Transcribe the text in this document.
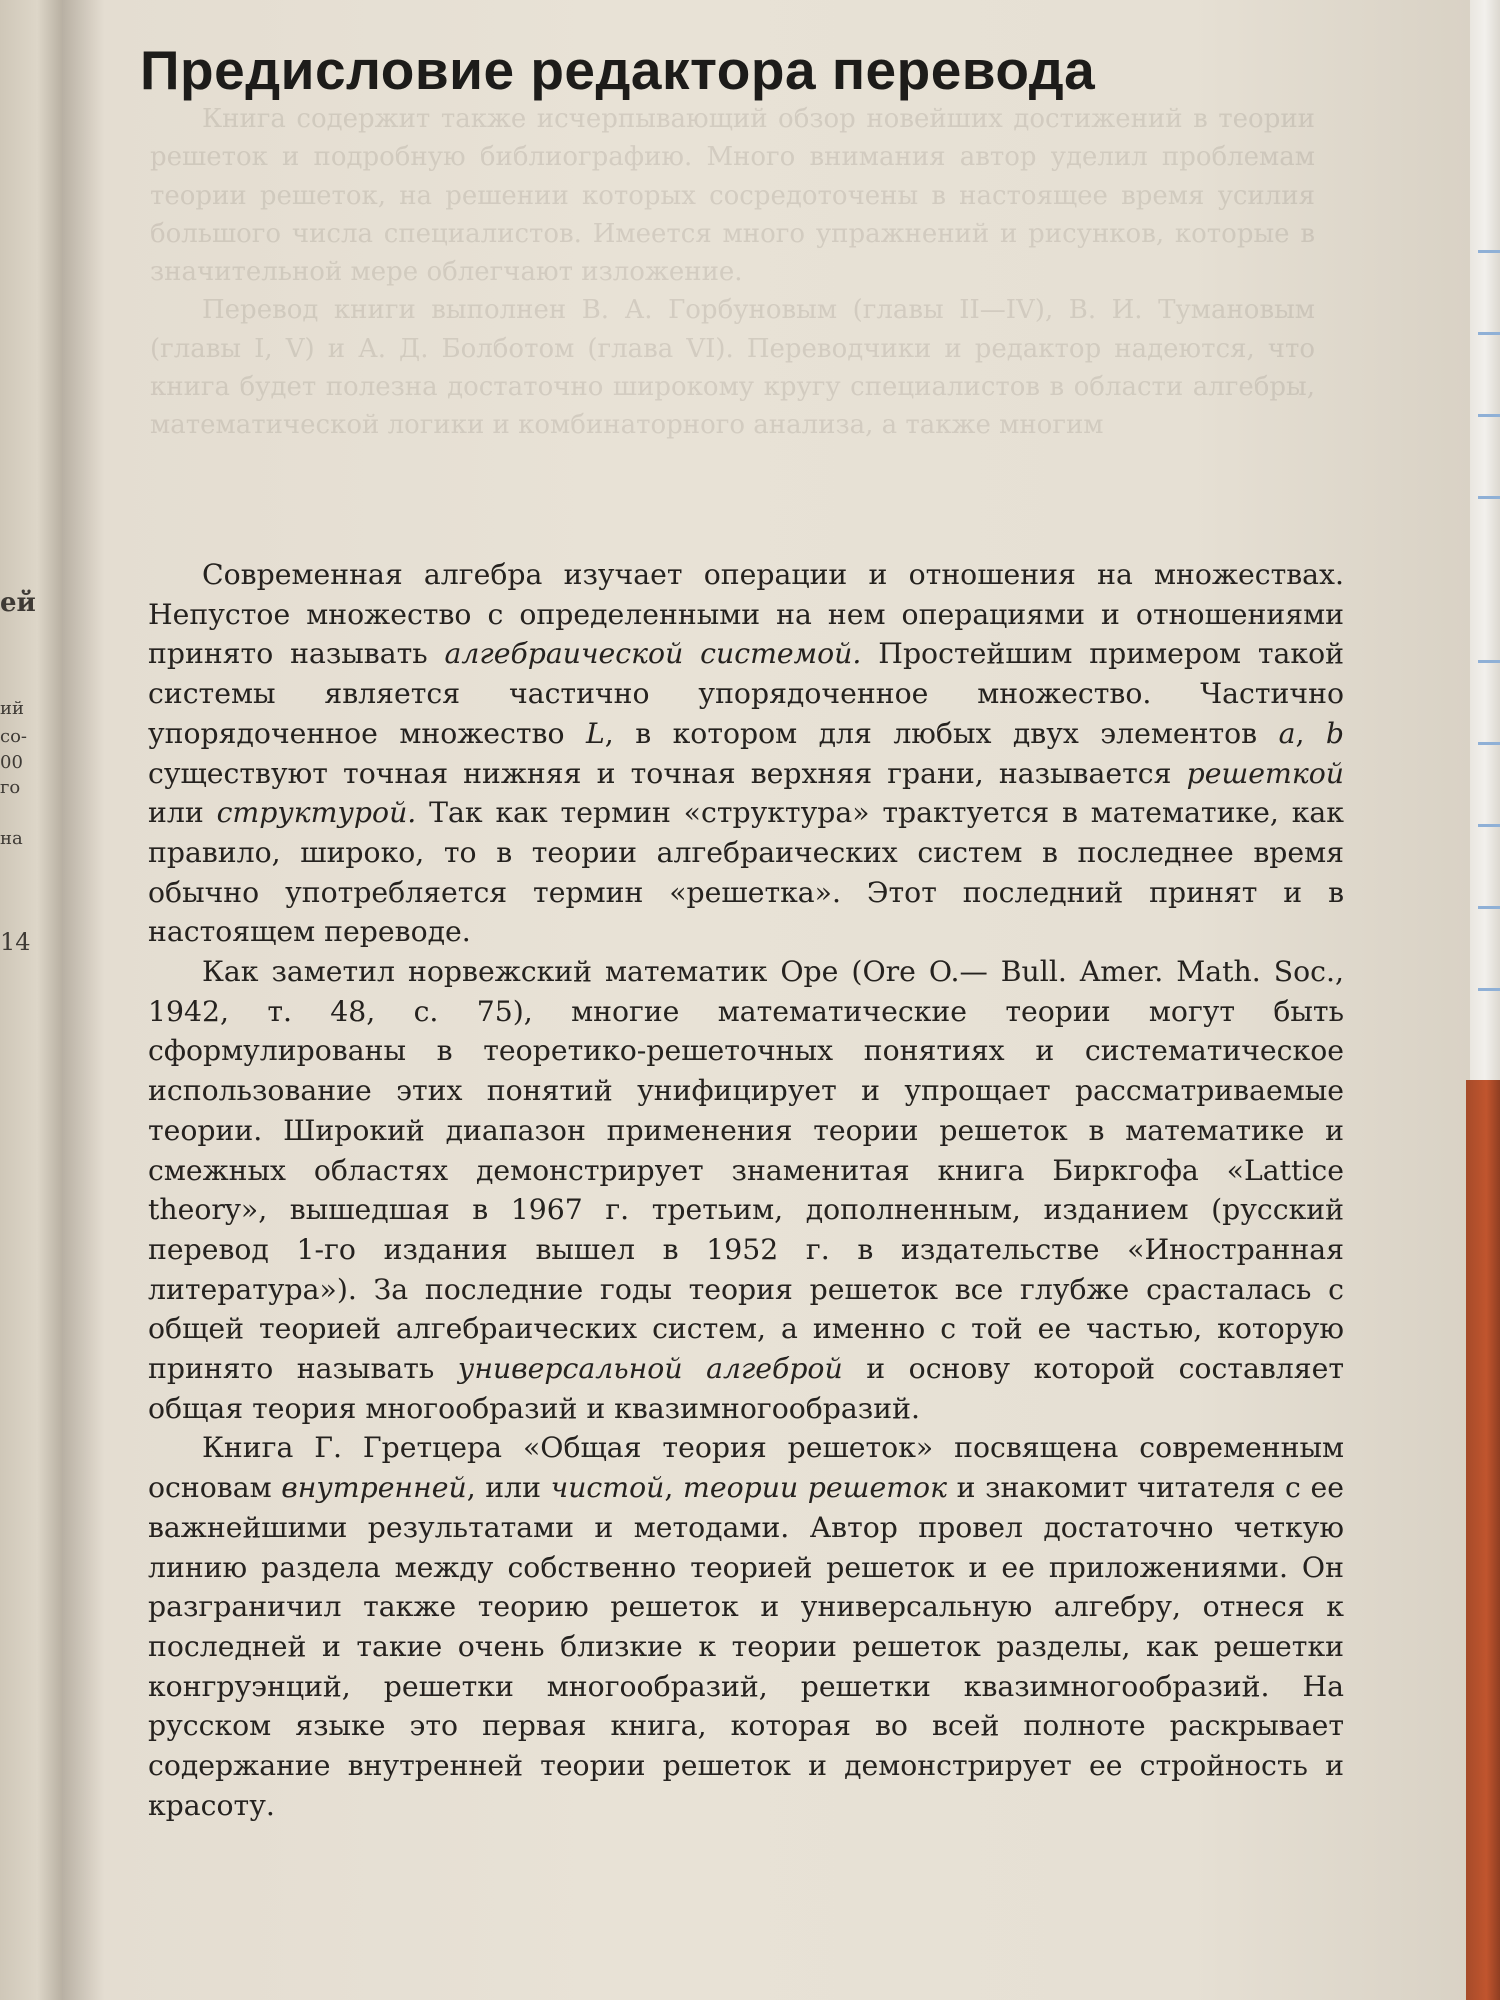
ей
ий
со-
00
го
на
14
Предисловие редактора перевода

Книга содержит также исчерпывающий обзор новейших достижений в теории решеток и подробную библиографию. Много внимания автор уделил проблемам теории решеток, на решении которых сосредоточены в настоящее время усилия большого числа специалистов. Имеется много упражнений и рисунков, которые в значительной мере облегчают изложение.

Перевод книги выполнен В. А. Горбуновым (главы II—IV), В. И. Тумановым (главы I, V) и А. Д. Болботом (глава VI). Переводчики и редактор надеются, что книга будет полезна достаточно широкому кругу специалистов в области алгебры, математической логики и комбинаторного анализа, а также многим

Современная алгебра изучает операции и отношения на множествах. Непустое множество с определенными на нем операциями и отношениями принято называть алгебраической системой. Простейшим примером такой системы является частично упорядоченное множество. Частично упорядоченное множество L, в котором для любых двух элементов a, b существуют точная нижняя и точная верхняя грани, называется решеткой или структурой. Так как термин «структура» трактуется в математике, как правило, широко, то в теории алгебраических систем в последнее время обычно употребляется термин «решетка». Этот последний принят и в настоящем переводе.

Как заметил норвежский математик Оре (Ore O.— Bull. Amer. Math. Soc., 1942, т. 48, с. 75), многие математические теории могут быть сформулированы в теоретико-решеточных понятиях и систематическое использование этих понятий унифицирует и упрощает рассматриваемые теории. Широкий диапазон применения теории решеток в математике и смежных областях демонстрирует знаменитая книга Биркгофа «Lattice theory», вышедшая в 1967 г. третьим, дополненным, изданием (русский перевод 1-го издания вышел в 1952 г. в издательстве «Иностранная литература»). За последние годы теория решеток все глубже срасталась с общей теорией алгебраических систем, а именно с той ее частью, которую принято называть универсальной алгеброй и основу которой составляет общая теория многообразий и квазимногообразий.

Книга Г. Гретцера «Общая теория решеток» посвящена современным основам внутренней, или чистой, теории решеток и знакомит читателя с ее важнейшими результатами и методами. Автор провел достаточно четкую линию раздела между собственно теорией решеток и ее приложениями. Он разграничил также теорию решеток и универсальную алгебру, отнеся к последней и такие очень близкие к теории решеток разделы, как решетки конгруэнций, решетки многообразий, решетки квазимногообразий. На русском языке это первая книга, которая во всей полноте раскрывает содержание внутренней теории решеток и демонстрирует ее стройность и красоту.
